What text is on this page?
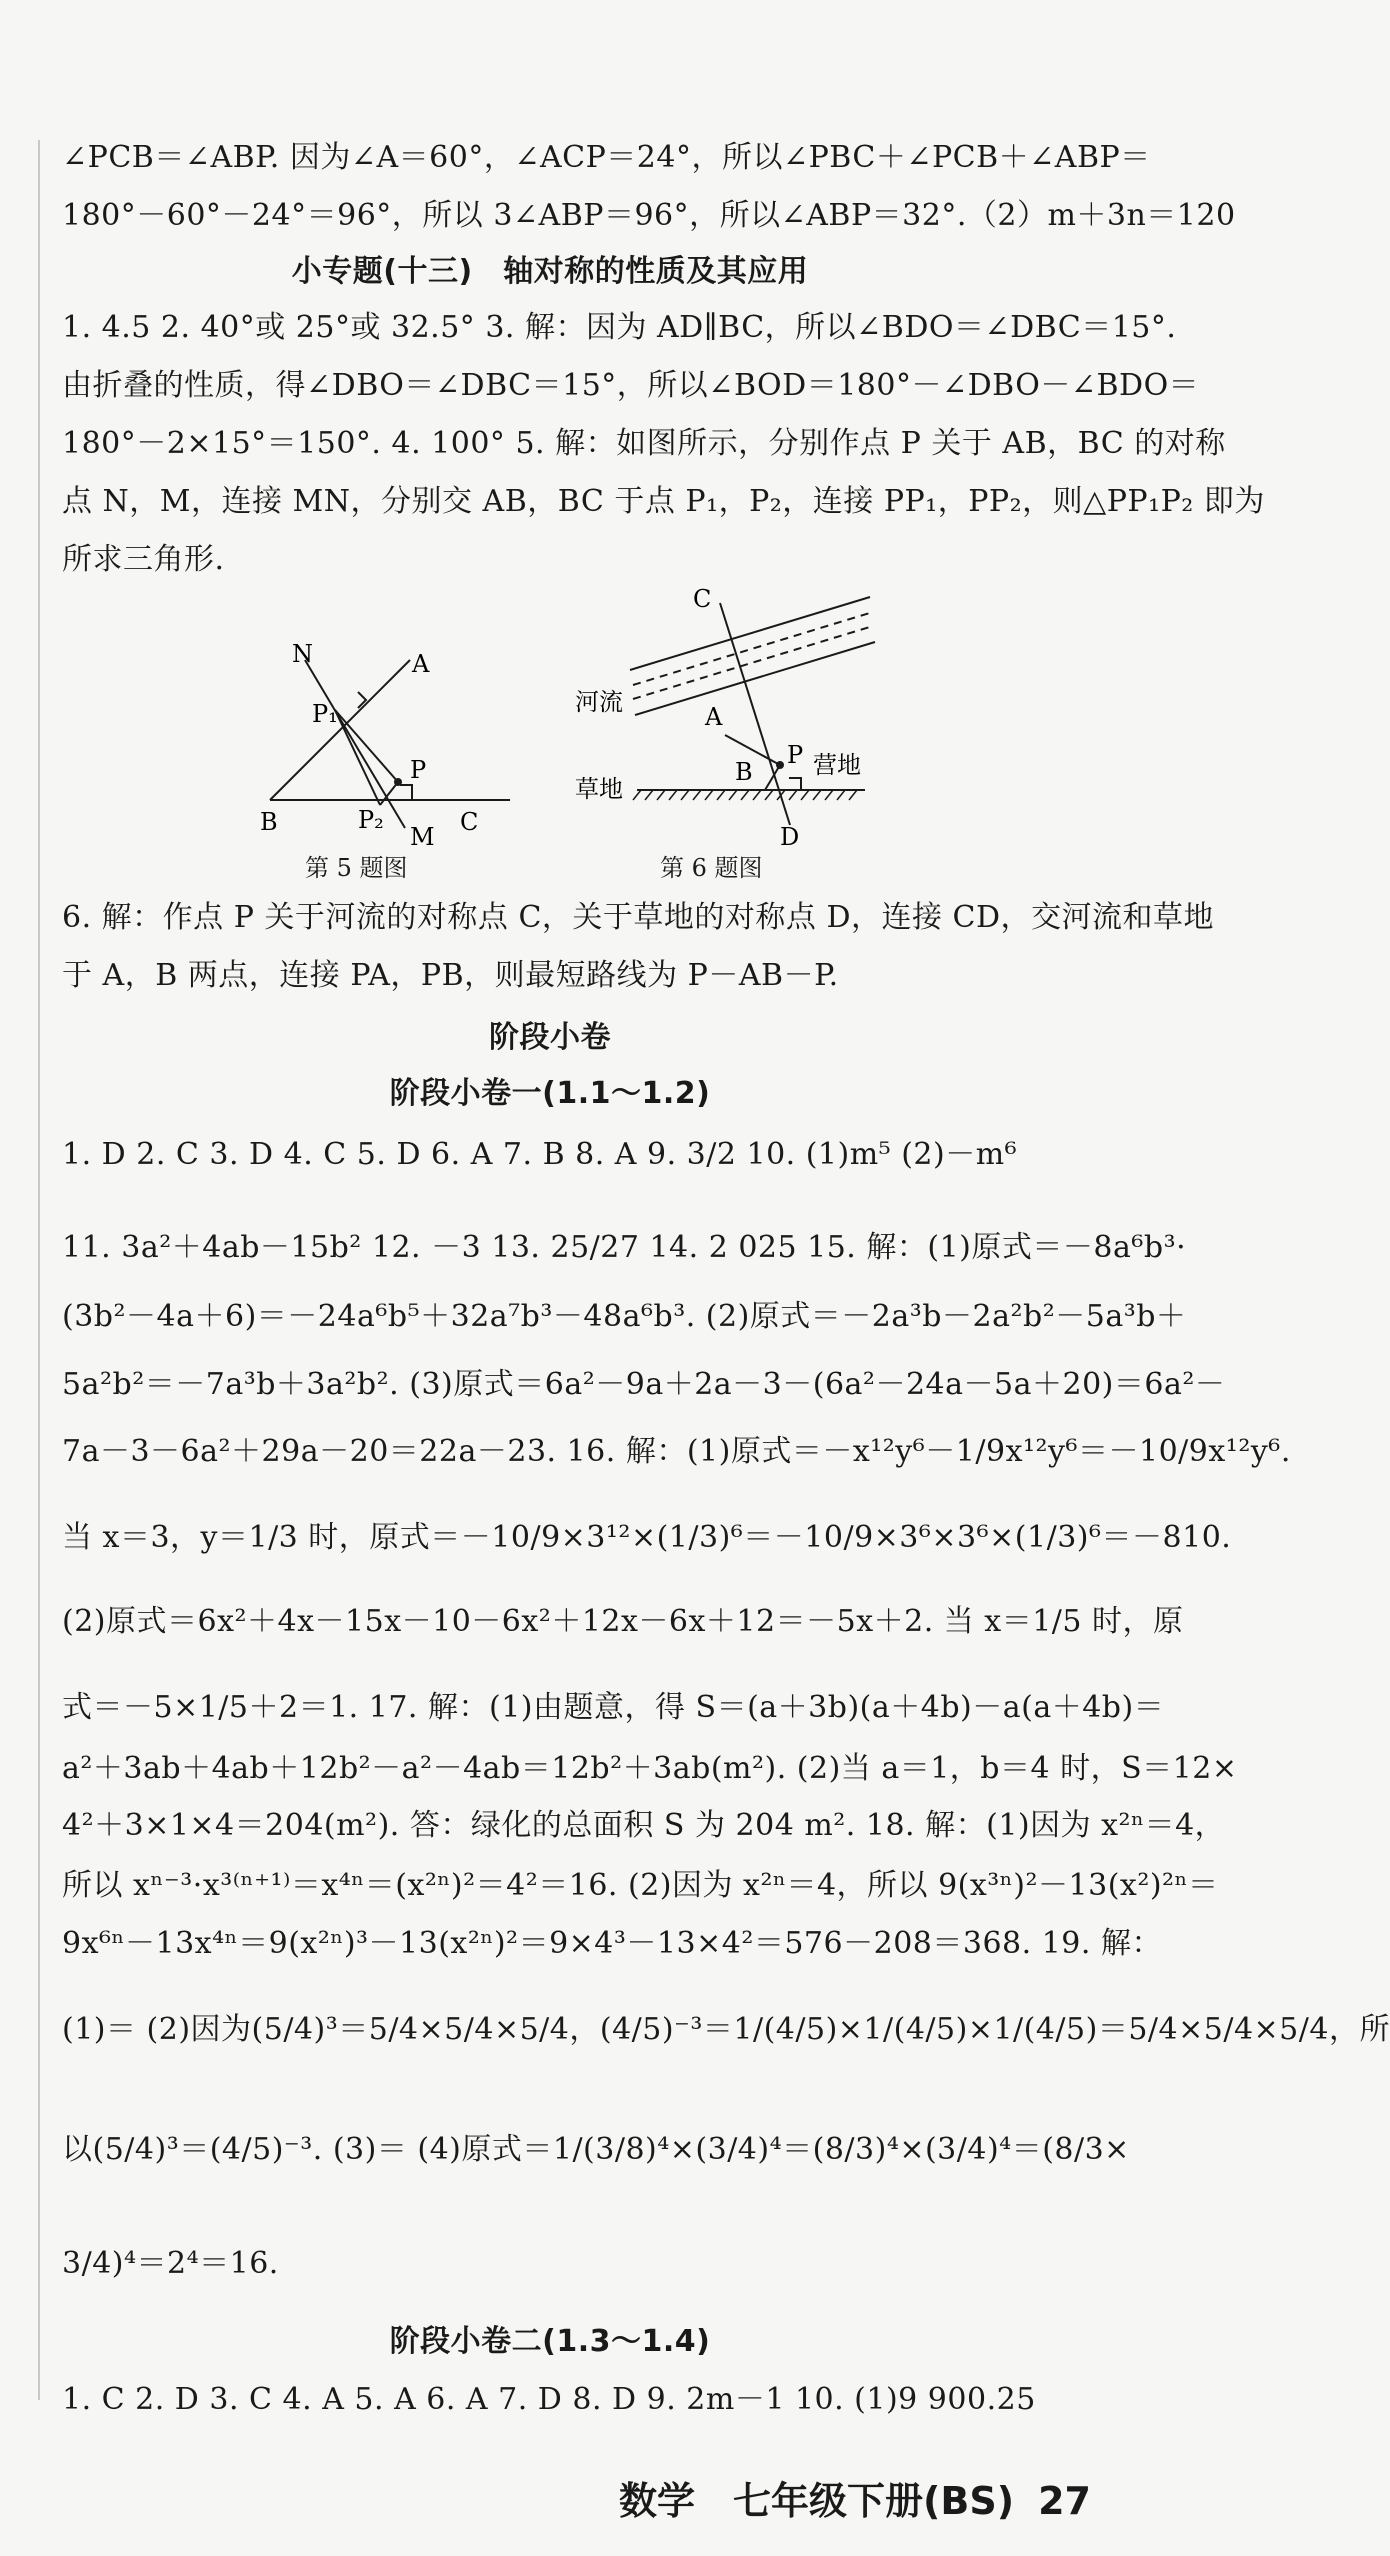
∠PCB＝∠ABP. 因为∠A＝60°，∠ACP＝24°，所以∠PBC＋∠PCB＋∠ABP＝
180°－60°－24°＝96°，所以 3∠ABP＝96°，所以∠ABP＝32°.（2）m＋3n＝120
小专题(十三)　轴对称的性质及其应用
1. 4.5 2. 40°或 25°或 32.5° 3. 解：因为 AD∥BC，所以∠BDO＝∠DBC＝15°.
由折叠的性质，得∠DBO＝∠DBC＝15°，所以∠BOD＝180°－∠DBO－∠BDO＝
180°－2×15°＝150°. 4. 100° 5. 解：如图所示，分别作点 P 关于 AB，BC 的对称
点 N，M，连接 MN，分别交 AB，BC 于点 P₁，P₂，连接 PP₁，PP₂，则△PP₁P₂ 即为
所求三角形.
N	A
P₁
P
B	P₂	C
M
第 5 题图
C
河流
A
B
P 营地
草地
D
第 6 题图
6. 解：作点 P 关于河流的对称点 C，关于草地的对称点 D，连接 CD，交河流和草地
于 A，B 两点，连接 PA，PB，则最短路线为 P－AB－P.
阶段小卷
阶段小卷一(1.1～1.2)
1. D 2. C 3. D 4. C 5. D 6. A 7. B 8. A 9. 3/2 10. (1)m⁵ (2)－m⁶
11. 3a²＋4ab－15b² 12. －3 13. 25/27 14. 2 025 15. 解：(1)原式＝－8a⁶b³·
(3b²－4a＋6)＝－24a⁶b⁵＋32a⁷b³－48a⁶b³. (2)原式＝－2a³b－2a²b²－5a³b＋
5a²b²＝－7a³b＋3a²b². (3)原式＝6a²－9a＋2a－3－(6a²－24a－5a＋20)＝6a²－
7a－3－6a²＋29a－20＝22a－23. 16. 解：(1)原式＝－x¹²y⁶－1/9x¹²y⁶＝－10/9x¹²y⁶.
当 x＝3，y＝1/3 时，原式＝－10/9×3¹²×(1/3)⁶＝－10/9×3⁶×3⁶×(1/3)⁶＝－810.
(2)原式＝6x²＋4x－15x－10－6x²＋12x－6x＋12＝－5x＋2. 当 x＝1/5 时，原
式＝－5×1/5＋2＝1. 17. 解：(1)由题意，得 S＝(a＋3b)(a＋4b)－a(a＋4b)＝
a²＋3ab＋4ab＋12b²－a²－4ab＝12b²＋3ab(m²). (2)当 a＝1，b＝4 时，S＝12×
4²＋3×1×4＝204(m²). 答：绿化的总面积 S 为 204 m². 18. 解：(1)因为 x²ⁿ＝4，
所以 xⁿ⁻³·x³⁽ⁿ⁺¹⁾＝x⁴ⁿ＝(x²ⁿ)²＝4²＝16. (2)因为 x²ⁿ＝4，所以 9(x³ⁿ)²－13(x²)²ⁿ＝
9x⁶ⁿ－13x⁴ⁿ＝9(x²ⁿ)³－13(x²ⁿ)²＝9×4³－13×4²＝576－208＝368. 19. 解：
(1)＝ (2)因为(5/4)³＝5/4×5/4×5/4，(4/5)⁻³＝1/(4/5)×1/(4/5)×1/(4/5)＝5/4×5/4×5/4，所
以(5/4)³＝(4/5)⁻³. (3)＝ (4)原式＝1/(3/8)⁴×(3/4)⁴＝(8/3)⁴×(3/4)⁴＝(8/3×
3/4)⁴＝2⁴＝16.
阶段小卷二(1.3～1.4)
1. C 2. D 3. C 4. A 5. A 6. A 7. D 8. D 9. 2m－1 10. (1)9 900.25
数学　七年级下册(BS) 27
